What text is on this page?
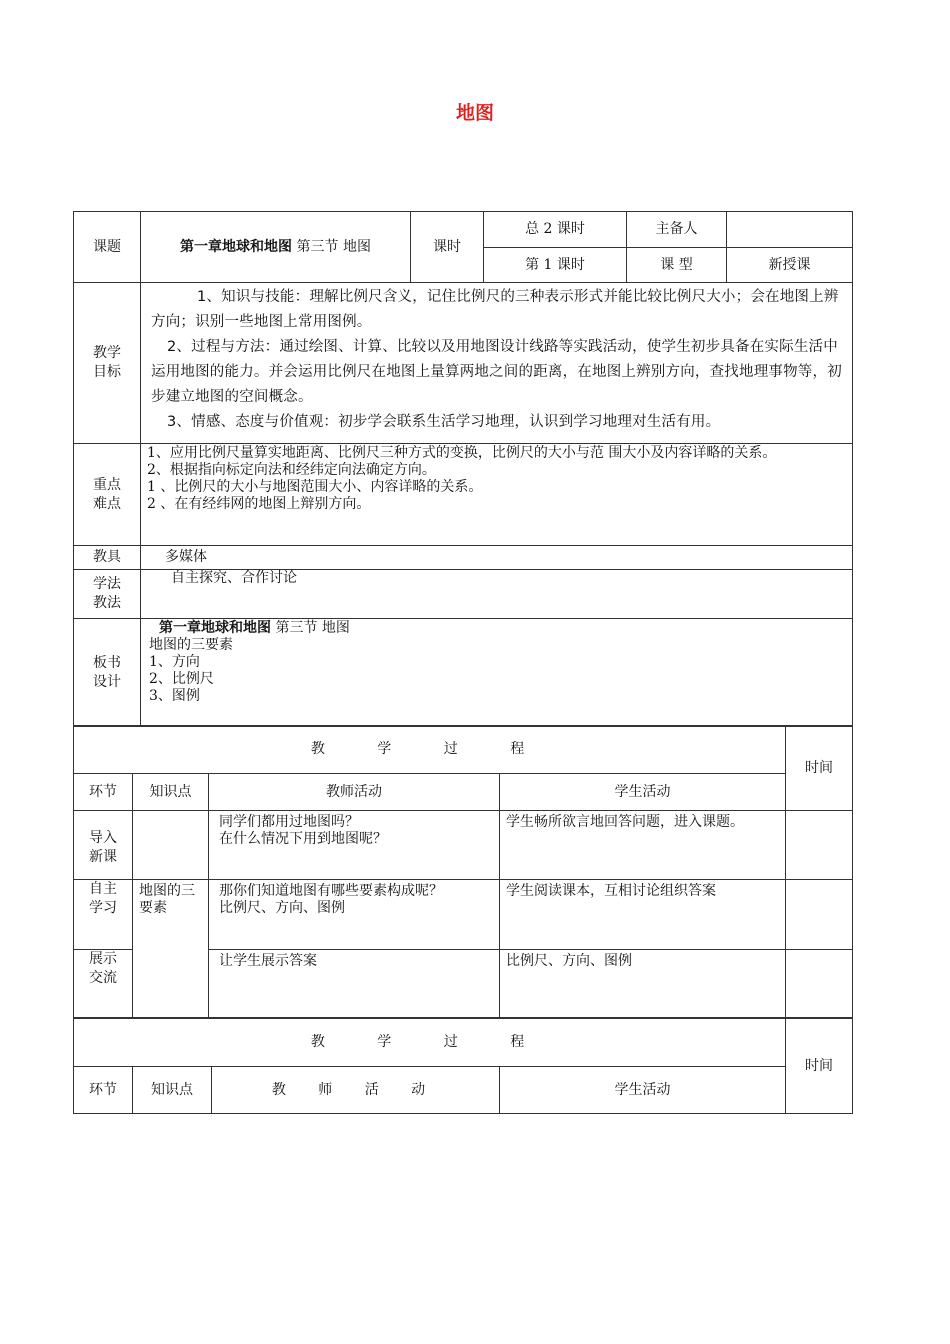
地图
课题	第一章地球和地图 第三节 地图	课时	总 2 课时	主备人	
			第 1 课时	课 型	新授课

教学目标	1、知识与技能：理解比例尺含义，记住比例尺的三种表示形式并能比较比例尺大小；会在地图上辨方向；识别一些地图上常用图例。
2、过程与方法：通过绘图、计算、比较以及用地图设计线路等实践活动，使学生初步具备在实际生活中运用地图的能力。并会运用比例尺在地图上量算两地之间的距离，在地图上辨别方向，查找地理事物等，初步建立地图的空间概念。
3、情感、态度与价值观：初步学会联系生活学习地理，认识到学习地理对生活有用。				

重点难点	1、应用比例尺量算实地距离、比例尺三种方式的变换，比例尺的大小与范 围大小及内容详略的关系。
2、根据指向标定向法和经纬定向法确定方向。
1 、比例尺的大小与地图范围大小、内容详略的关系。
2 、在有经纬网的地图上辩别方向。				

教具	多媒体				

学法教法	自主探究、合作讨论				

板书设计	第一章地球和地图 第三节 地图
地图的三要素
1、方向
2、比例尺
3、图例				
教 学 过 程				时间
环节	知识点	教师活动	学生活动	

导入新课		同学们都用过地图吗？
在什么情况下用到地图呢？	学生畅所欲言地回答问题，进入课题。	

自主学习	地图的三要素	那你们知道地图有哪些要素构成呢？
比例尺、方向、图例	学生阅读课本，互相讨论组织答案	

展示交流		让学生展示答案	比例尺、方向、图例	
教 学 过 程				时间
环节	知识点	教 师 活 动	学生活动	
